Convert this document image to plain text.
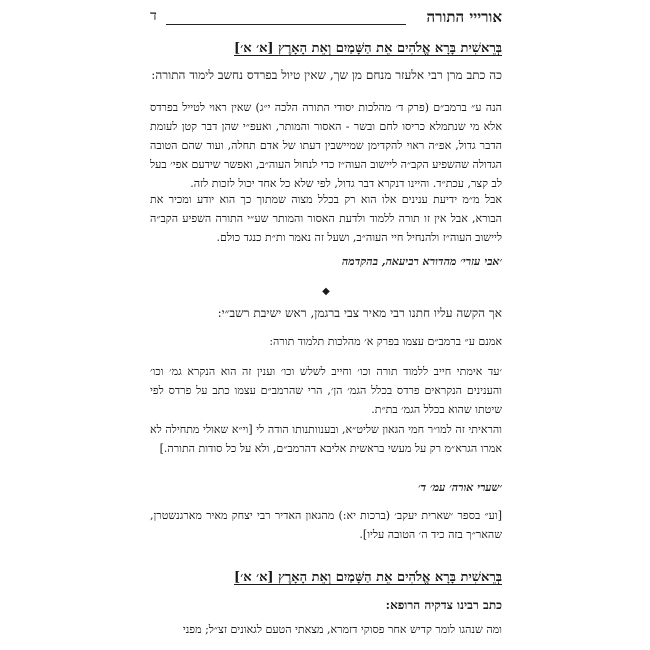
אורייי התורה
ד
בְּרֵאשִׁית בָּרָא אֱלֹהִים אֵת הַשָּׁמַיִם וְאֵת הָאָרֶץ [א׳ א׳]
כה כתב מרן רבי אלעזר מנחם מן שך, שאין טיול בפרדס נחשב לימוד התורה:
הנה ע״ ברמב״ם (פרק ד׳ מהלכות יסודי התורה הלכה י״ג) שאין ראוי לטייל בפרדס אלא מי שנתמלא כריסו לחם ובשר - האסור והמותר, ואעפ״י שהן דבר קטן לעומת הדבר גדול, אפ״ה ראוי להקדימן שמיישבין דעתו של אדם תחלה, ועוד שהם הטובה הגדולה שהשפיע הקב״ה ליישוב העוה״ז כדי לנחול העוה״ב, ואפשר שידעם אפי׳ בעל לב קצר, עכת״ד. והיינו דנקרא דבר גדול, לפי שלא כל אחד יכול לזכות לזה.
אבל מ״מ ידיעת ענינים אלו הוא רק בכלל מצוה שמתוך כך הוא יודע ומכיר את הבורא, אבל אין זו תורה ללמוד ולדעת האסור והמותר שע״י התורה השפיע הקב״ה ליישוב העוה״ז ולהנחיל חיי העוה״ב, ושעל זה נאמר ות״ת כנגד כולם.
׳אבי עזרי׳ מהדורא רביעאה, בהקדמה
◆
אך הקשה עליו חתנו רבי מאיר צבי ברגמן, ראש ישיבת רשב״י:
אמנם ע״ ברמב״ם עצמו בפרק א׳ מהלכות תלמוד תורה:
׳עד אימתי חייב ללמוד תורה וכו׳ וחייב לשלש וכו׳ וענין זה הוא הנקרא גמ׳ וכו׳ והענינים הנקראים פרדס בכלל הגמ׳ הן׳, הרי שהרמב״ם עצמו כתב על פרדס לפי שיטתו שהוא בכלל הגמ׳ בת״ת.
והראיתי זה למו״ר חמי הגאון שליט״א, ובענוותנותו הודה לי [וי״א שאולי מתחילה לא אמרו הגרא״מ רק על מעשי בראשית אליבא דהרמב״ם, ולא על כל סודות התורה.]
׳שערי אורה׳ עמ׳ ד׳
[וע״ בספר ׳שארית יעקב׳ (ברכות יא:) מהגאון האדיר רבי יצחק מאיר מארגנשטרן, שהאר״ך בזה כיד ה׳ הטובה עליו].
בְּרֵאשִׁית בָּרָא אֱלֹהִים אֵת הַשָּׁמַיִם וְאֵת הָאָרֶץ [א׳ א׳]
כתב רבינו צדקיה הרופא:
ומה שנהגו לומר קדיש אחר פסוקי דזמרא, מצאתי הטעם לגאונים זצ״ל; מפני
